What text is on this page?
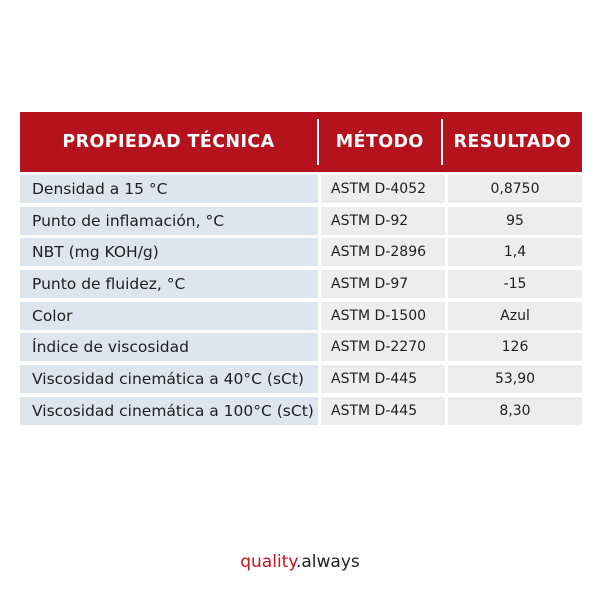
PROPIEDAD TÉCNICA	MÉTODO	RESULTADO
Densidad a 15 °C	ASTM D-4052	0,8750
Punto de inflamación, °C	ASTM D-92	95
NBT (mg KOH/g)	ASTM D-2896	1,4
Punto de fluidez, °C	ASTM D-97	-15
Color	ASTM D-1500	Azul
Índice de viscosidad	ASTM D-2270	126
Viscosidad cinemática a 40°C (sCt)	ASTM D-445	53,90
Viscosidad cinemática a 100°C (sCt)	ASTM D-445	8,30
quality.always
